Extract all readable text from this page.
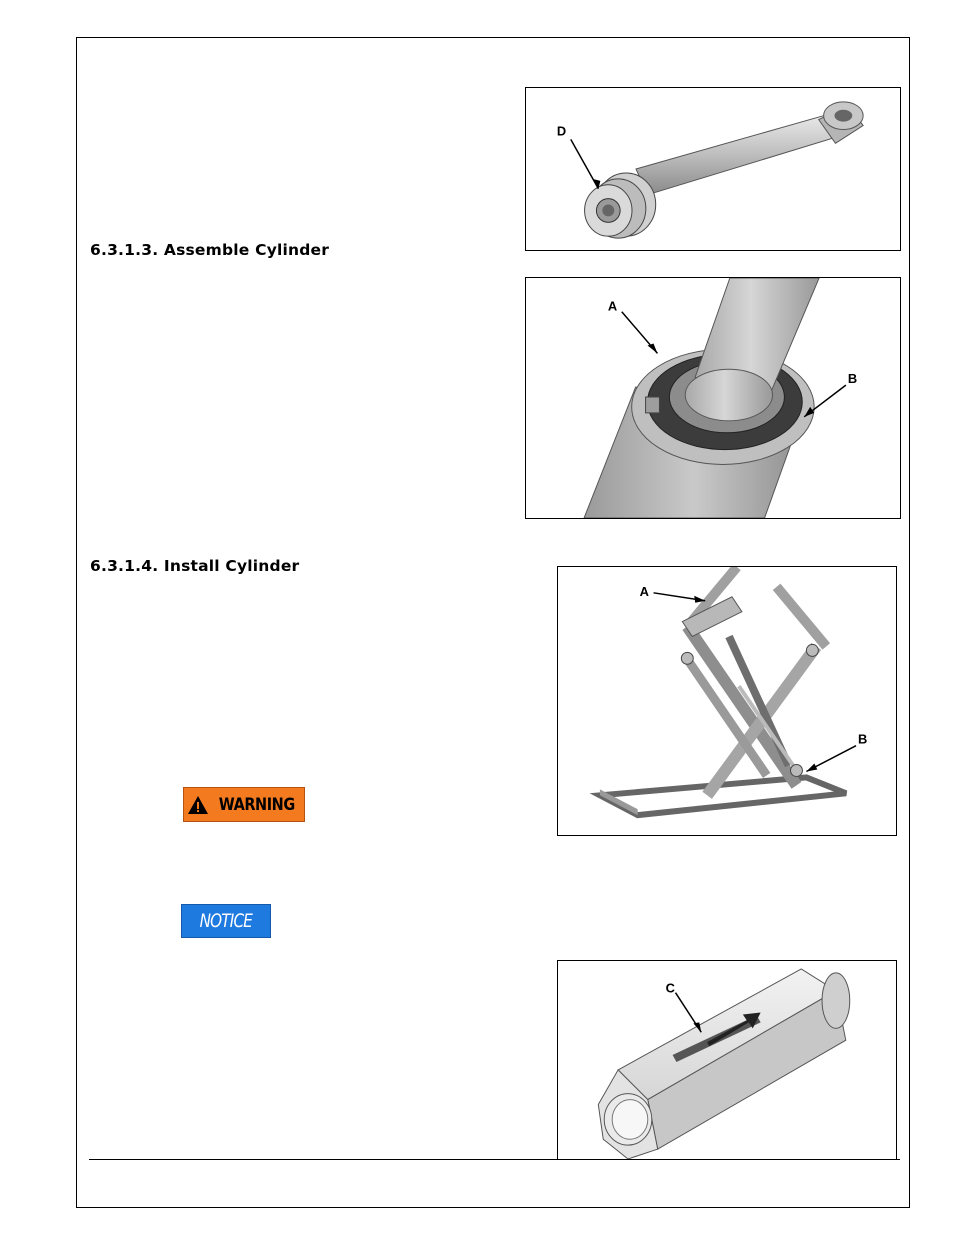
D
6.3.1.3. Assemble Cylinder
A
B
6.3.1.4. Install Cylinder
A
B
WARNING
NOTICE
C
